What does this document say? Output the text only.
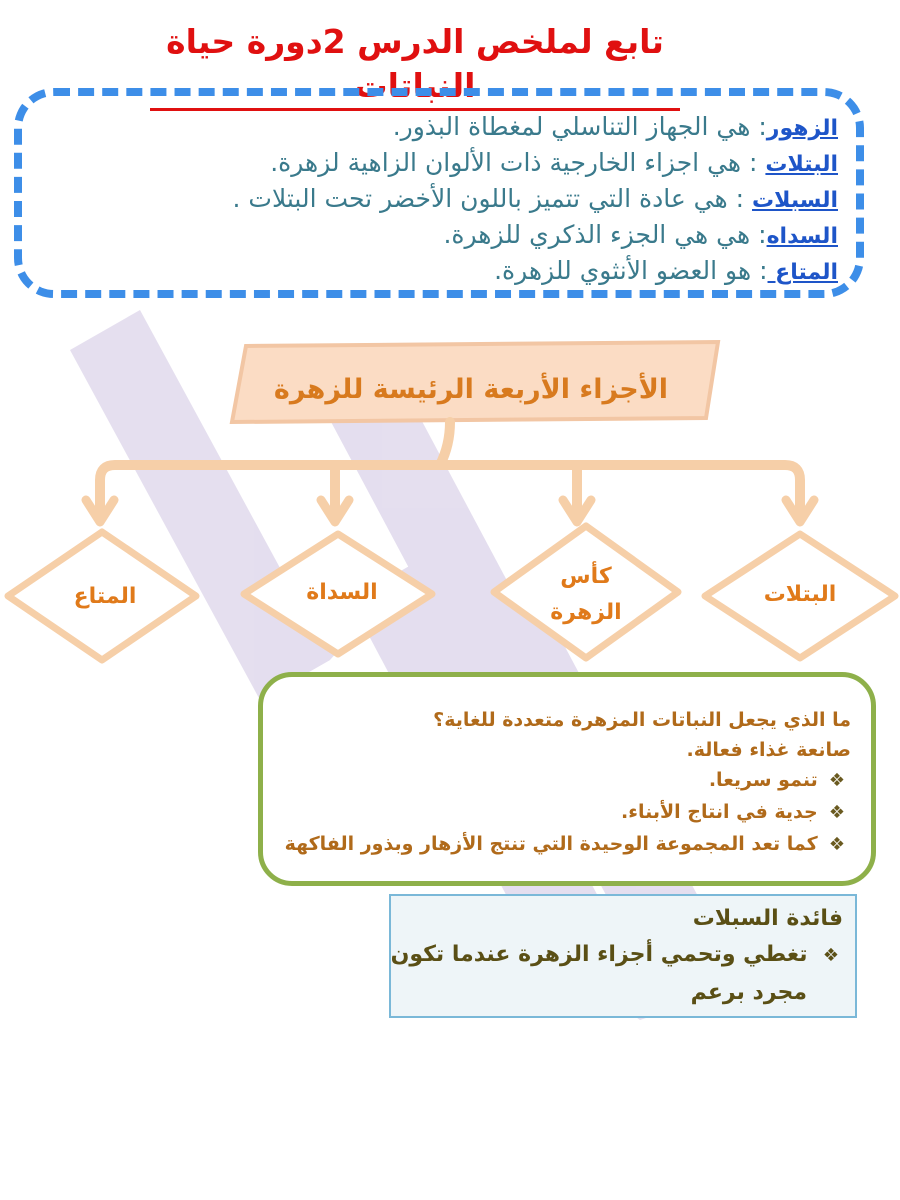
تابع لملخص الدرس 2دورة حياة النباتات
الزهور: هي الجهاز التناسلي لمغطاة البذور.
البتلات : هي اجزاء الخارجية ذات الألوان الزاهية لزهرة.
السبلات : هي عادة التي تتميز باللون الأخضر تحت البتلات .
السداه: هي هي الجزء الذكري للزهرة.
المتاع : هو العضو الأنثوي للزهرة.
الأجزاء الأربعة الرئيسة للزهرة
البتلات
كأس
الزهرة
السداة
المتاع
ما الذي يجعل النباتات المزهرة متعددة للغاية؟
صانعة غذاء فعالة.
❖  تنمو سريعا.
❖  جدية في انتاج الأبناء.
❖  كما تعد المجموعة الوحيدة التي تنتج الأزهار وبذور الفاكهة
فائدة السبلات
❖  تغطي وتحمي أجزاء الزهرة عندما تكون
مجرد برعم
